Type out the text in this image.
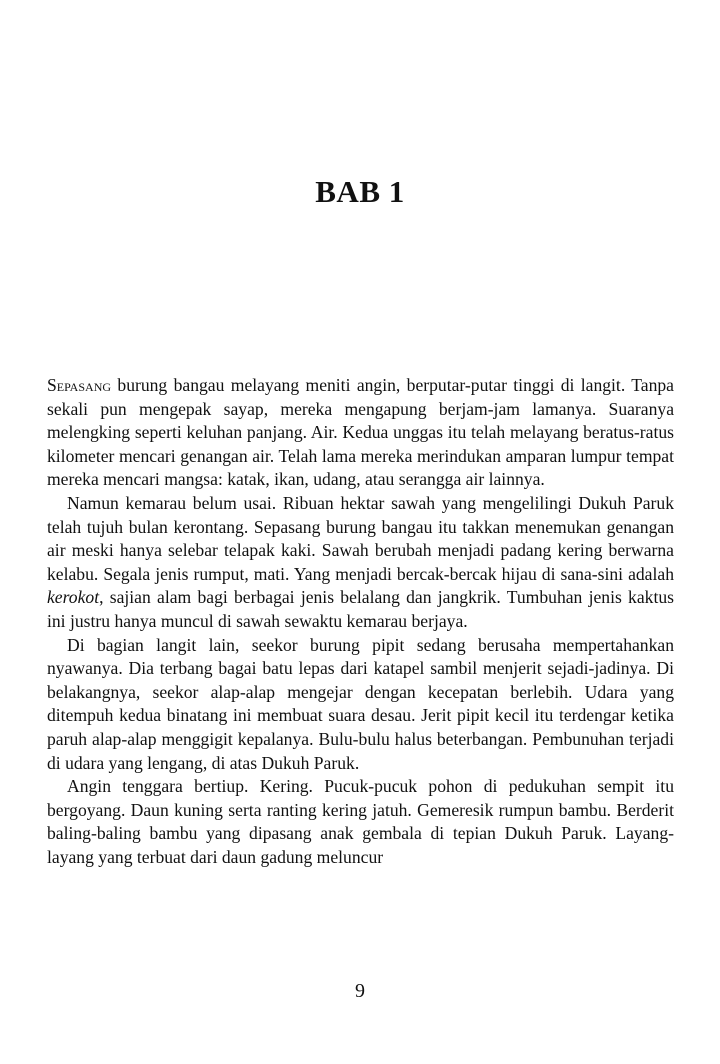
BAB 1

Sepasang burung bangau melayang meniti angin, berputar-putar tinggi di langit. Tanpa sekali pun mengepak sayap, mereka mengapung berjam-jam lamanya. Suaranya melengking seperti keluhan panjang. Air. Kedua unggas itu telah melayang beratus-ratus kilometer mencari genangan air. Telah lama mereka merindukan amparan lumpur tempat mereka mencari mangsa: katak, ikan, udang, atau serangga air lainnya.

Namun kemarau belum usai. Ribuan hektar sawah yang mengelilingi Dukuh Paruk telah tujuh bulan kerontang. Sepasang burung bangau itu takkan menemukan genangan air meski hanya selebar telapak kaki. Sawah berubah menjadi padang kering berwarna kelabu. Segala jenis rumput, mati. Yang menjadi bercak-bercak hijau di sana-sini adalah kerokot, sajian alam bagi berbagai jenis belalang dan jangkrik. Tumbuhan jenis kaktus ini justru hanya muncul di sawah sewaktu kemarau berjaya.

Di bagian langit lain, seekor burung pipit sedang berusaha mempertahankan nyawanya. Dia terbang bagai batu lepas dari katapel sambil menjerit sejadi-jadinya. Di belakangnya, seekor alap-alap mengejar dengan kecepatan berlebih. Udara yang ditempuh kedua binatang ini membuat suara desau. Jerit pipit kecil itu terdengar ketika paruh alap-alap menggigit kepalanya. Bulu-bulu halus beterbangan. Pembunuhan terjadi di udara yang lengang, di atas Dukuh Paruk.

Angin tenggara bertiup. Kering. Pucuk-pucuk pohon di pedukuhan sempit itu bergoyang. Daun kuning serta ranting kering jatuh. Gemeresik rumpun bambu. Berderit baling-baling bambu yang dipasang anak gembala di tepian Dukuh Paruk. Layang-layang yang terbuat dari daun gadung meluncur

9
